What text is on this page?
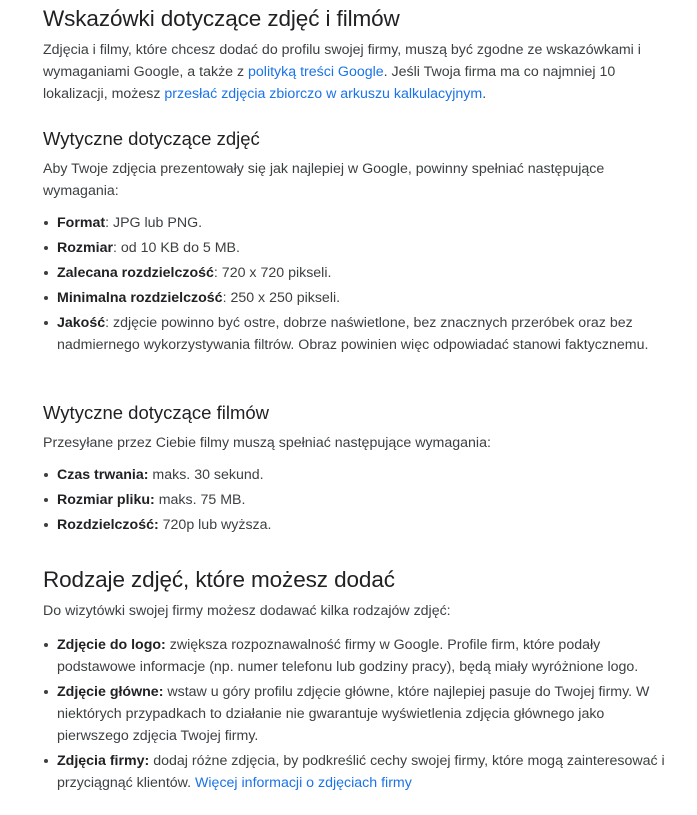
Wskazówki dotyczące zdjęć i filmów

Zdjęcia i filmy, które chcesz dodać do profilu swojej firmy, muszą być zgodne ze wskazówkami i wymaganiami Google, a także z polityką treści Google. Jeśli Twoja firma ma co najmniej 10 lokalizacji, możesz przesłać zdjęcia zbiorczo w arkuszu kalkulacyjnym.

Wytyczne dotyczące zdjęć

Aby Twoje zdjęcia prezentowały się jak najlepiej w Google, powinny spełniać następujące wymagania:

Format: JPG lub PNG.
Rozmiar: od 10 KB do 5 MB.
Zalecana rozdzielczość: 720 x 720 pikseli.
Minimalna rozdzielczość: 250 x 250 pikseli.
Jakość: zdjęcie powinno być ostre, dobrze naświetlone, bez znacznych przeróbek oraz bez nadmiernego wykorzystywania filtrów. Obraz powinien więc odpowiadać stanowi faktycznemu.
Wytyczne dotyczące filmów

Przesyłane przez Ciebie filmy muszą spełniać następujące wymagania:

Czas trwania: maks. 30 sekund.
Rozmiar pliku: maks. 75 MB.
Rozdzielczość: 720p lub wyższa.
Rodzaje zdjęć, które możesz dodać

Do wizytówki swojej firmy możesz dodawać kilka rodzajów zdjęć:

Zdjęcie do logo: zwiększa rozpoznawalność firmy w Google. Profile firm, które podały podstawowe informacje (np. numer telefonu lub godziny pracy), będą miały wyróżnione logo.
Zdjęcie główne: wstaw u góry profilu zdjęcie główne, które najlepiej pasuje do Twojej firmy. W niektórych przypadkach to działanie nie gwarantuje wyświetlenia zdjęcia głównego jako pierwszego zdjęcia Twojej firmy.
Zdjęcia firmy: dodaj różne zdjęcia, by podkreślić cechy swojej firmy, które mogą zainteresować i przyciągnąć klientów. Więcej informacji o zdjęciach firmy
